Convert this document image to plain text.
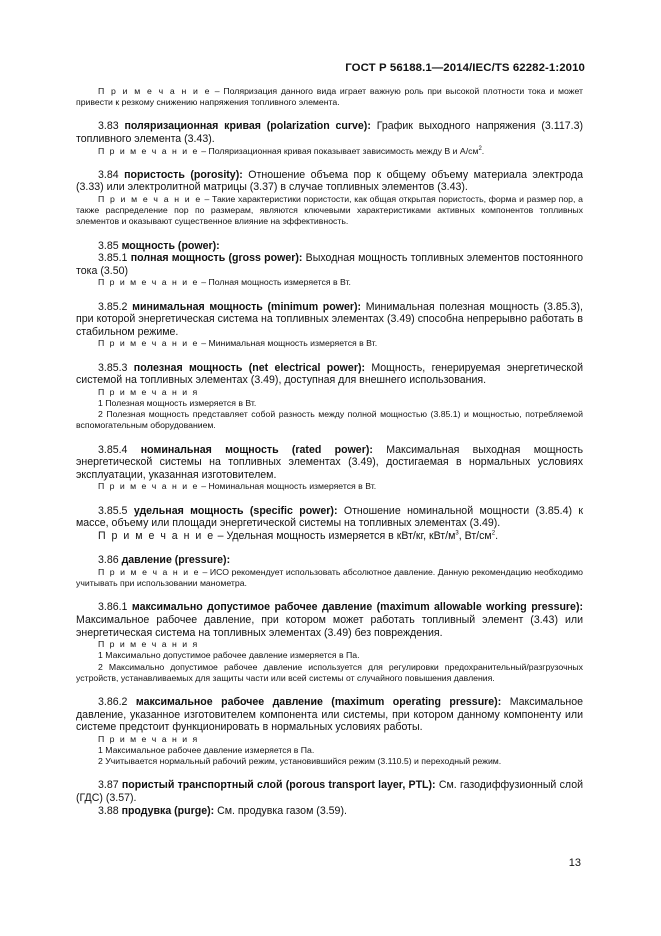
ГОСТ Р 56188.1—2014/IEC/TS 62282-1:2010

П р и м е ч а н и е – Поляризация данного вида играет важную роль при высокой плотности тока и может привести к резкому снижению напряжения топливного элемента.

3.83 поляризационная кривая (polarization curve): График выходного напряжения (3.117.3) топливного элемента (3.43).

П р и м е ч а н и е – Поляризационная кривая показывает зависимость между В и $А/см^2$.

3.84 пористость (porosity): Отношение объема пор к общему объему материала электрода (3.33) или электролитной матрицы (3.37) в случае топливных элементов (3.43).

П р и м е ч а н и е – Такие характеристики пористости, как общая открытая пористость, форма и размер пор, а также распределение пор по размерам, являются ключевыми характеристиками активных компонентов топливных элементов и оказывают существенное влияние на эффективность.

3.85 мощность (power):

3.85.1 полная мощность (gross power): Выходная мощность топливных элементов постоянного тока (3.50)

П р и м е ч а н и е – Полная мощность измеряется в Вт.

3.85.2 минимальная мощность (minimum power): Минимальная полезная мощность (3.85.3), при которой энергетическая система на топливных элементах (3.49) способна непрерывно работать в стабильном режиме.

П р и м е ч а н и е – Минимальная мощность измеряется в Вт.

3.85.3 полезная мощность (net electrical power): Мощность, генерируемая энергетической системой на топливных элементах (3.49), доступная для внешнего использования.

П р и м е ч а н и я

1 Полезная мощность измеряется в Вт.

2 Полезная мощность представляет собой разность между полной мощностью (3.85.1) и мощностью, потребляемой вспомогательным оборудованием.

3.85.4 номинальная мощность (rated power): Максимальная выходная мощность энергетической системы на топливных элементах (3.49), достигаемая в нормальных условиях эксплуатации, указанная изготовителем.

П р и м е ч а н и е – Номинальная мощность измеряется в Вт.

3.85.5 удельная мощность (specific power): Отношение номинальной мощности (3.85.4) к массе, объему или площади энергетической системы на топливных элементах (3.49).

П р и м е ч а н и е – Удельная мощность измеряется в кВт/кг, кВт/$м^3$, $Вт/см^2$.

3.86 давление (pressure):

П р и м е ч а н и е – ИСО рекомендует использовать абсолютное давление. Данную рекомендацию необходимо учитывать при использовании манометра.

3.86.1 максимально допустимое рабочее давление (maximum allowable working pressure): Максимальное рабочее давление, при котором может работать топливный элемент (3.43) или энергетическая система на топливных элементах (3.49) без повреждения.

П р и м е ч а н и я

1 Максимально допустимое рабочее давление измеряется в Па.

2 Максимально допустимое рабочее давление используется для регулировки предохранительный/разгрузочных устройств, устанавливаемых для защиты части или всей системы от случайного повышения давления.

3.86.2 максимальное рабочее давление (maximum operating pressure): Максимальное давление, указанное изготовителем компонента или системы, при котором данному компоненту или системе предстоит функционировать в нормальных условиях работы.

П р и м е ч а н и я

1 Максимальное рабочее давление измеряется в Па.

2 Учитывается нормальный рабочий режим, установившийся режим (3.110.5) и переходный режим.

3.87 пористый транспортный слой (porous transport layer, PTL): См. газодиффузионный слой (ГДС) (3.57).

3.88 продувка (purge): См. продувка газом (3.59).

13
